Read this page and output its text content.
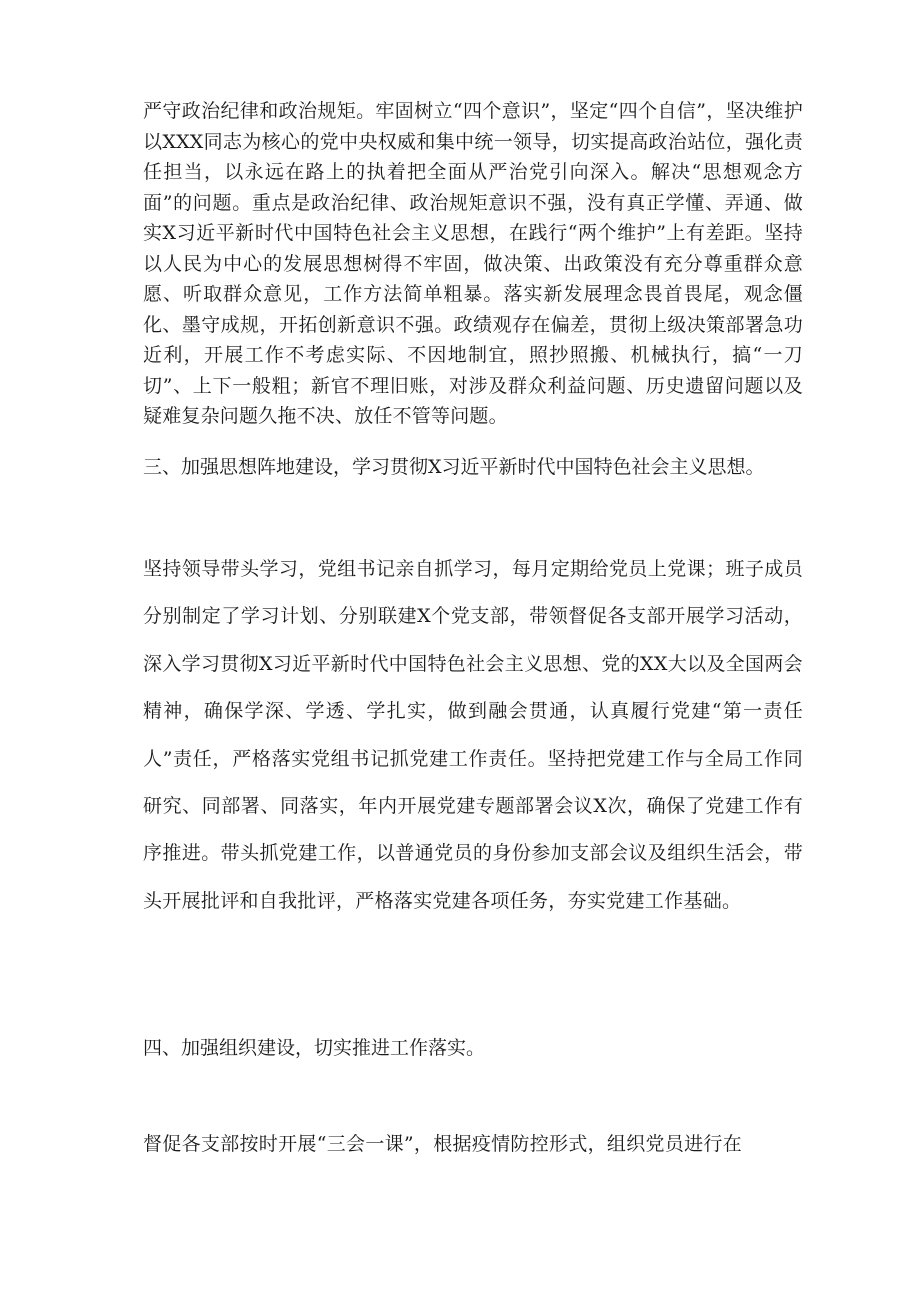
严守政治纪律和政治规矩。牢固树立“四个意识”，坚定“四个自信”，坚决维护以XXX同志为核心的党中央权威和集中统一领导，切实提高政治站位，强化责任担当，以永远在路上的执着把全面从严治党引向深入。解决“思想观念方面”的问题。重点是政治纪律、政治规矩意识不强，没有真正学懂、弄通、做实X习近平新时代中国特色社会主义思想，在践行“两个维护”上有差距。坚持以人民为中心的发展思想树得不牢固，做决策、出政策没有充分尊重群众意愿、听取群众意见，工作方法简单粗暴。落实新发展理念畏首畏尾，观念僵化、墨守成规，开拓创新意识不强。政绩观存在偏差，贯彻上级决策部署急功近利，开展工作不考虑实际、不因地制宜，照抄照搬、机械执行，搞“一刀切”、上下一般粗；新官不理旧账，对涉及群众利益问题、历史遗留问题以及疑难复杂问题久拖不决、放任不管等问题。

三、加强思想阵地建设，学习贯彻X习近平新时代中国特色社会主义思想。

坚持领导带头学习，党组书记亲自抓学习，每月定期给党员上党课；班子成员分别制定了学习计划、分别联建X个党支部，带领督促各支部开展学习活动，深入学习贯彻X习近平新时代中国特色社会主义思想、党的XX大以及全国两会精神，确保学深、学透、学扎实，做到融会贯通，认真履行党建“第一责任人”责任，严格落实党组书记抓党建工作责任。坚持把党建工作与全局工作同研究、同部署、同落实，年内开展党建专题部署会议X次，确保了党建工作有序推进。带头抓党建工作，以普通党员的身份参加支部会议及组织生活会，带头开展批评和自我批评，严格落实党建各项任务，夯实党建工作基础。

四、加强组织建设，切实推进工作落实。

督促各支部按时开展“三会一课”，根据疫情防控形式，组织党员进行在
